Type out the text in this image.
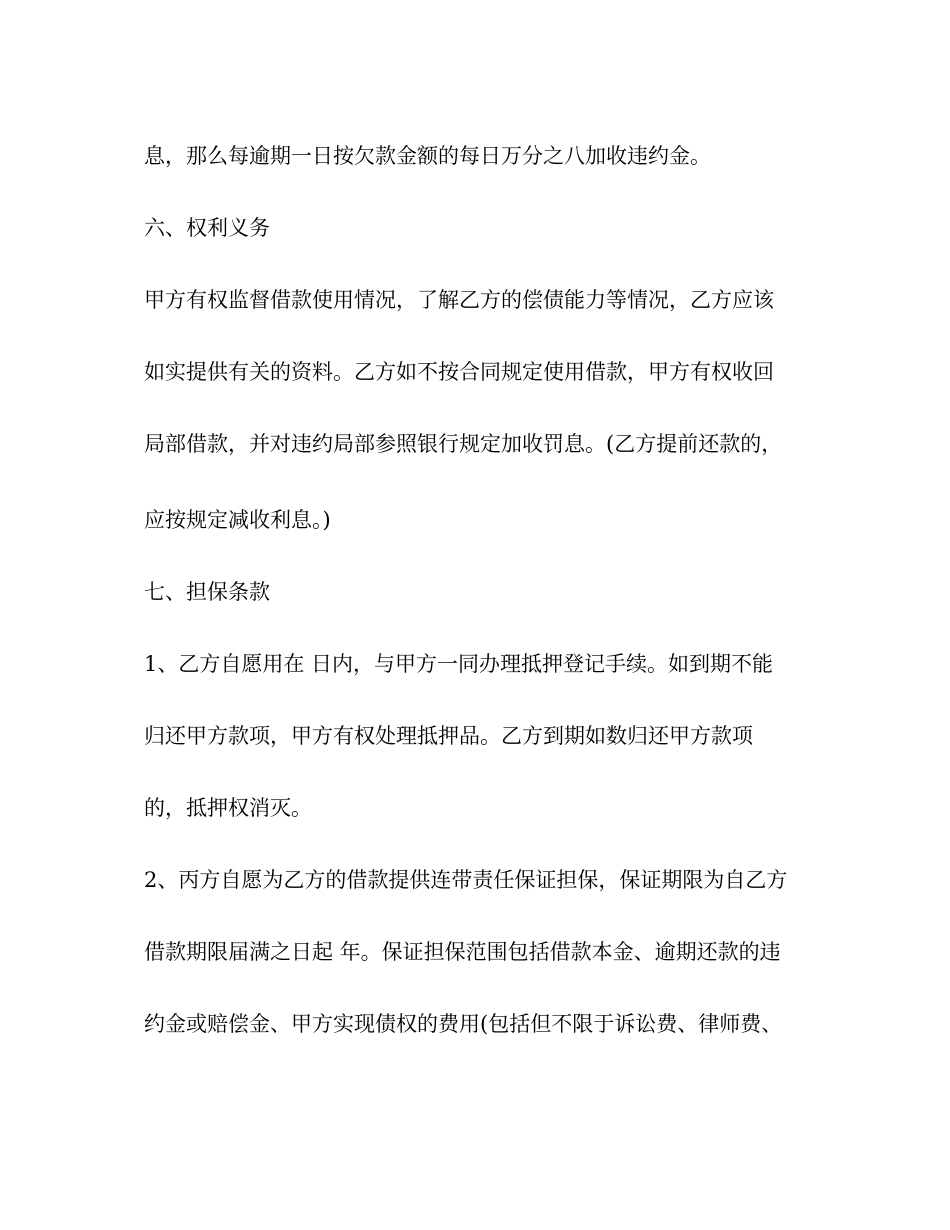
息，那么每逾期一日按欠款金额的每日万分之八加收违约金。
六、权利义务
甲方有权监督借款使用情况，了解乙方的偿债能力等情况，乙方应该
如实提供有关的资料。乙方如不按合同规定使用借款，甲方有权收回
局部借款，并对违约局部参照银行规定加收罚息。(乙方提前还款的，
应按规定减收利息。)
七、担保条款
1、乙方自愿用在 日内，与甲方一同办理抵押登记手续。如到期不能
归还甲方款项，甲方有权处理抵押品。乙方到期如数归还甲方款项
的，抵押权消灭。
2、丙方自愿为乙方的借款提供连带责任保证担保，保证期限为自乙方
借款期限届满之日起 年。保证担保范围包括借款本金、逾期还款的违
约金或赔偿金、甲方实现债权的费用(包括但不限于诉讼费、律师费、
